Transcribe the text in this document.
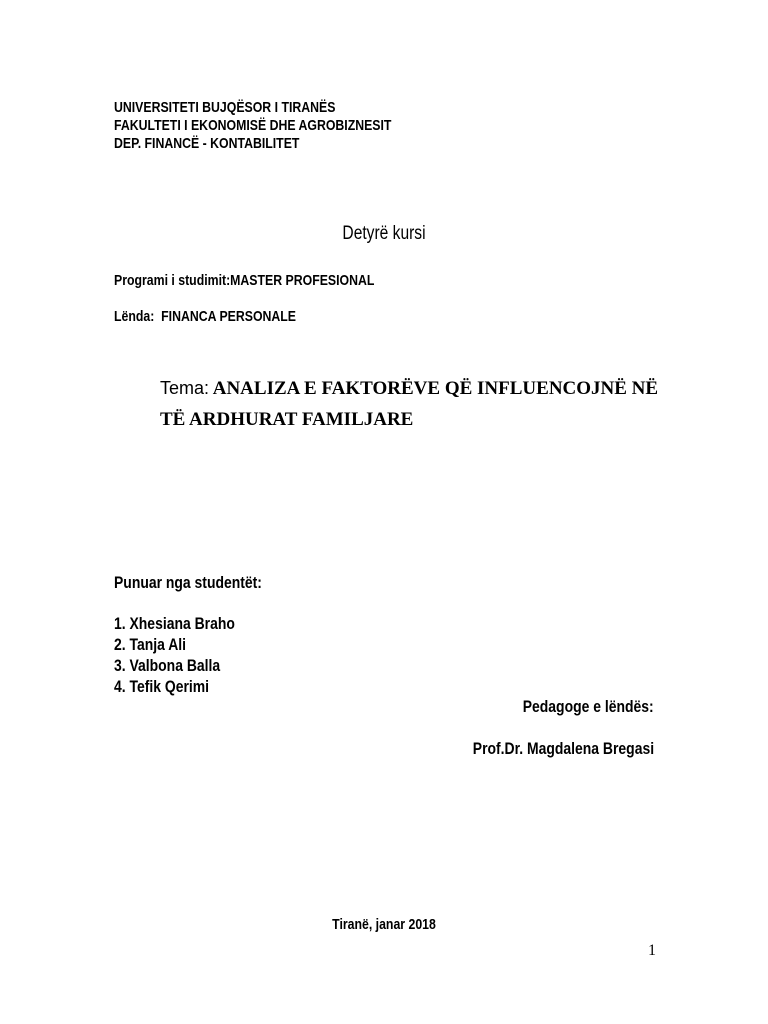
UNIVERSITETI BUJQËSOR I TIRANËS
FAKULTETI I EKONOMISË DHE AGROBIZNESIT
DEP. FINANCË - KONTABILITET
Detyrë kursi
Programi i studimit:MASTER PROFESIONAL
Lënda: FINANCA PERSONALE
Tema: ANALIZA E FAKTORËVE QË INFLUENCOJNË NË
TË ARDHURAT FAMILJARE
Punuar nga studentët:
1. Xhesiana Braho
2. Tanja Ali
3. Valbona Balla
4. Tefik Qerimi
Pedagoge e lëndës:
Prof.Dr. Magdalena Bregasi
Tiranë, janar 2018
1
